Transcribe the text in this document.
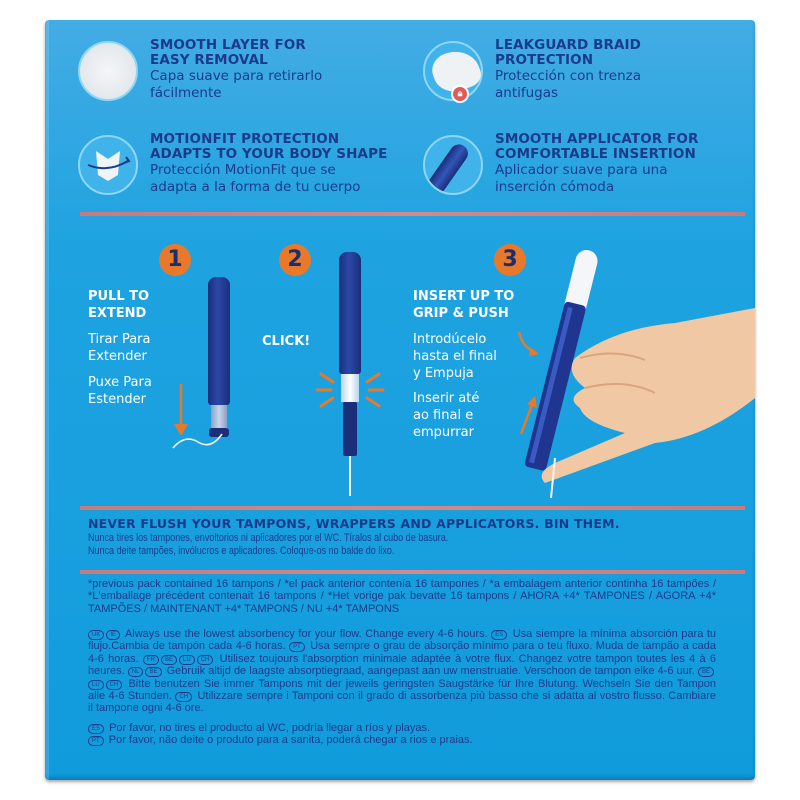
SMOOTH LAYER FOR
EASY REMOVAL
Capa suave para retirarlo
fácilmente	🔒︎
LEAKGUARD BRAID
PROTECTION
Protección con trenza
antifugas
MOTIONFIT PROTECTION
ADAPTS TO YOUR BODY SHAPE
Protección MotionFit que se
adapta a la forma de tu cuerpo
SMOOTH APPLICATOR FOR
COMFORTABLE INSERTION
Aplicador suave para una
inserción cómoda
1
PULL TO
EXTEND
Tirar Para
Extender
Puxe Para
Estender
2
CLICK!
3
INSERT UP TO
GRIP & PUSH
Introdúcelo
hasta el final
y Empuja
Inserir até
ao final e
empurrar
NEVER FLUSH YOUR TAMPONS, WRAPPERS AND APPLICATORS. BIN THEM.
Nunca tires los tampones, envoltorios ni aplicadores por el WC. Tíralos al cubo de basura.
Nunca deite tampões, invólucros e aplicadores. Coloque-os no balde do lixo.
*previous pack contained 16 tampons / *el pack anterior contenía 16 tampones / *a embalagem anterior continha 16 tampões / *L'emballage précédent contenait 16 tampons / *Het vorige pak bevatte 16 tampons / AHORA +4* TAMPONES / AGORA +4* TAMPÕES / MAINTENANT +4* TAMPONS / NU +4* TAMPONS

UK IE Always use the lowest absorbency for your flow. Change every 4-6 hours. ES Usa siempre la mínima absorción para tu flujo.Cambia de tampón cada 4-6 horas. PT Usa sempre o grau de absorção mínimo para o teu fluxo. Muda de tampão a cada 4-6 horas. FR BE LU CH Utilisez toujours l'absorption minimale adaptée à votre flux. Changez votre tampon toutes les 4 à 6 heures. NL BE Gebruik altijd de laagste absorptiegraad, aangepast aan uw menstruatie. Verschoon de tampon elke 4-6 uur. BELU CH Bitte benutzen Sie immer Tampons mit der jeweils geringsten Saugstärke für Ihre Blutung. Wechseln Sie den Tampon alle 4-6 Stunden. CH Utilizzare sempre i Tamponi con il grado di assorbenza più basso che si adatta al vostro flusso. Cambiare il tampone ogni 4-6 ore.

ES Por favor, no tires el producto al WC, podría llegar a ríos y playas.

PT Por favor, não deite o produto para a sanita, poderá chegar a rios e praias.
